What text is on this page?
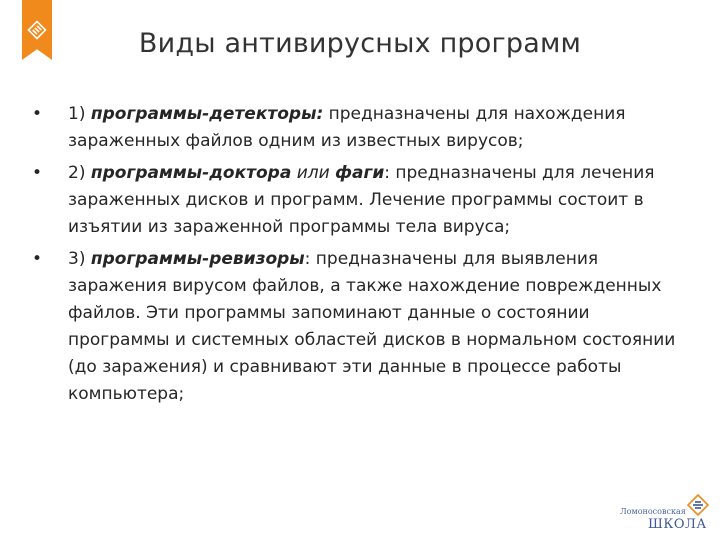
Виды антивирусных программ
• 1) программы-детекторы: предназначены для нахождения зараженных файлов одним из известных вирусов;
• 2) программы-доктора или фаги: предназначены для лечения зараженных дисков и программ. Лечение программы состоит в изъятии из зараженной программы тела вируса;
• 3) программы-ревизоры: предназначены для выявления заражения вирусом файлов, а также нахождение поврежденных файлов. Эти программы запоминают данные о состоянии программы и системных областей дисков в нормальном состоянии (до заражения) и сравнивают эти данные в процессе работы компьютера;
Ломоносовская
ШКОЛА
